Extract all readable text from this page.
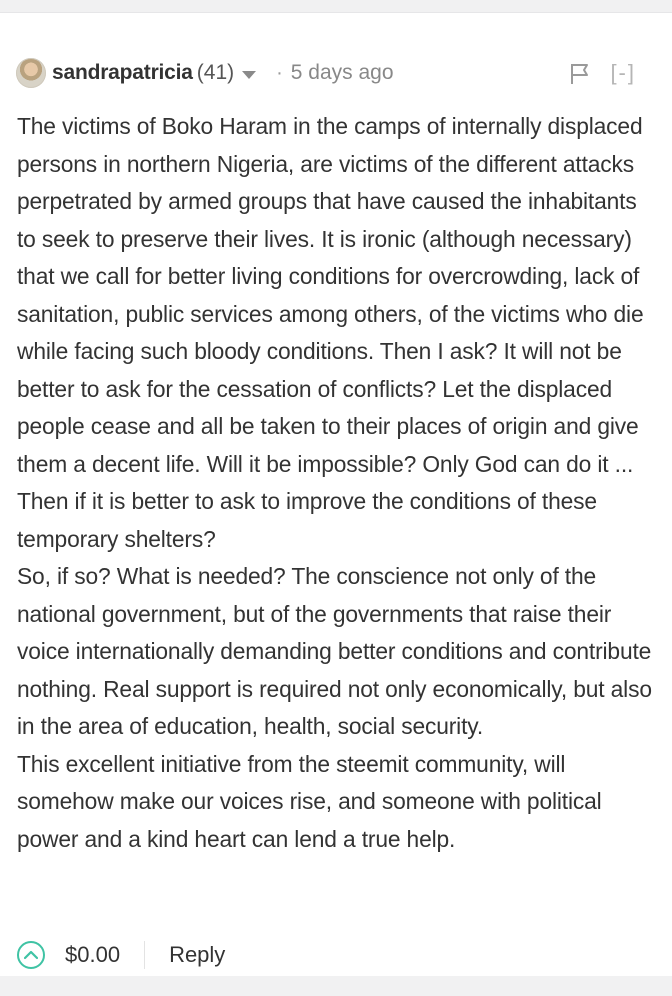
sandrapatricia (41) · 5 days ago	[-]

The victims of Boko Haram in the camps of internally displaced persons in northern Nigeria, are victims of the different attacks perpetrated by armed groups that have caused the inhabitants to seek to preserve their lives. It is ironic (although necessary) that we call for better living conditions for overcrowding, lack of sanitation, public services among others, of the victims who die while facing such bloody conditions. Then I ask? It will not be better to ask for the cessation of conflicts? Let the displaced people cease and all be taken to their places of origin and give them a decent life. Will it be impossible? Only God can do it ... Then if it is better to ask to improve the conditions of these temporary shelters?

So, if so? What is needed? The conscience not only of the national government, but of the governments that raise their voice internationally demanding better conditions and contribute nothing. Real support is required not only economically, but also in the area of education, health, social security.

This excellent initiative from the steemit community, will somehow make our voices rise, and someone with political power and a kind heart can lend a true help.

$0.00 Reply
